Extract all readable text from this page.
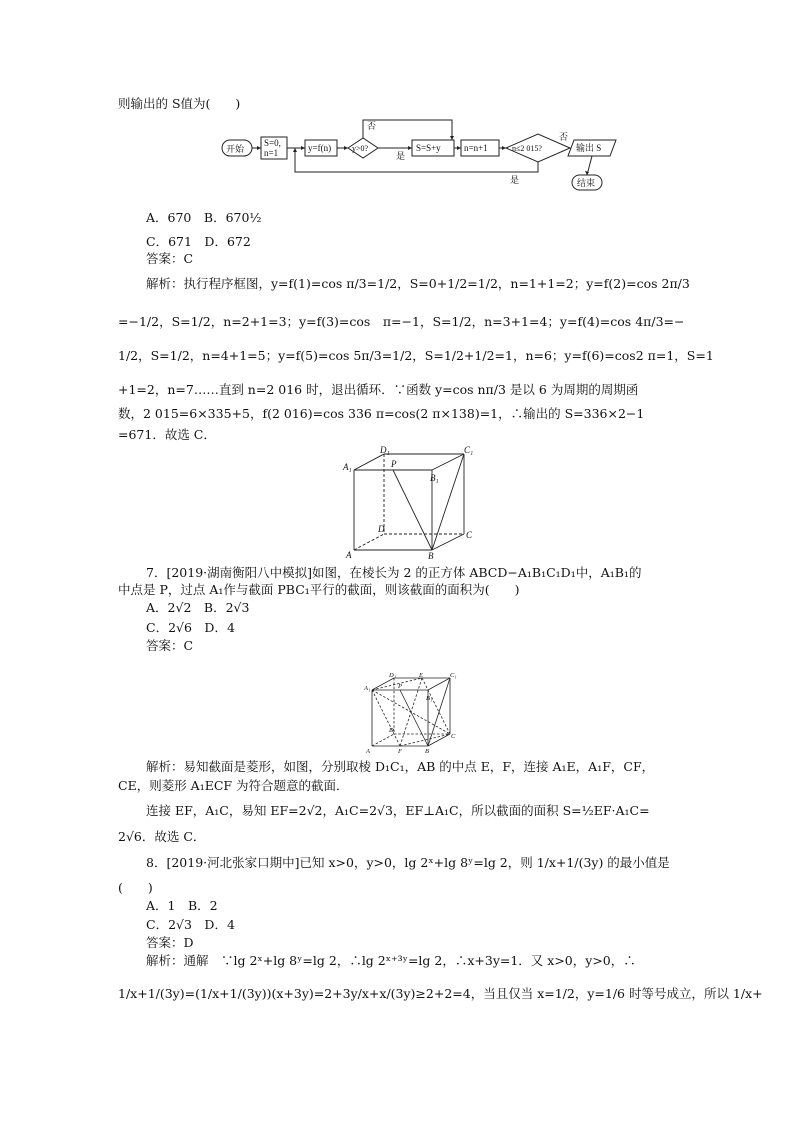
则输出的 S值为(　　)
开始
S=0,
n=1	y=f(n)	y>0?	S=S+y	n=n+1	n≤2 015?	输出 S
结束
否
是
否
是
A．670　B．670½
C．671　D．672
答案：C
解析：执行程序框图，y=f(1)=cos π/3=1/2，S=0+1/2=1/2，n=1+1=2；y=f(2)=cos 2π/3
=−1/2，S=1/2，n=2+1=3；y=f(3)=cos　π=−1，S=1/2，n=3+1=4；y=f(4)=cos 4π/3=−
1/2，S=1/2，n=4+1=5；y=f(5)=cos 5π/3=1/2，S=1/2+1/2=1，n=6；y=f(6)=cos2 π=1，S=1
+1=2，n=7……直到 n=2 016 时，退出循环．∵函数 y=cos nπ/3 是以 6 为周期的周期函
数，2 015=6×335+5，f(2 016)=cos 336 π=cos(2 π×138)=1，∴输出的 S=336×2−1
=671．故选 C．
A₁
D₁
P
C₁
B₁
D
A	B
C
7．[2019·湖南衡阳八中模拟]如图，在棱长为 2 的正方体 ABCD−A₁B₁C₁D₁中，A₁B₁的
中点是 P，过点 A₁作与截面 PBC₁平行的截面，则该截面的面积为(　　)
A．2√2　B．2√3
C．2√6　D．4
答案：C
D₁	E	C₁
A₁	P
B₁
D
C
A	F	B
解析：易知截面是菱形，如图，分别取棱 D₁C₁，AB 的中点 E，F，连接 A₁E，A₁F，CF，
CE，则菱形 A₁ECF 为符合题意的截面．
连接 EF，A₁C，易知 EF=2√2，A₁C=2√3，EF⊥A₁C，所以截面的面积 S=½EF·A₁C=
2√6．故选 C．
8．[2019·河北张家口期中]已知 x>0，y>0，lg 2ˣ+lg 8ʸ=lg 2，则 1/x+1/(3y) 的最小值是
(　　)
A．1　B．2
C．2√3　D．4
答案：D
解析：通解　∵lg 2ˣ+lg 8ʸ=lg 2，∴lg 2ˣ⁺³ʸ=lg 2，∴x+3y=1．又 x>0，y>0，∴
1/x+1/(3y)=(1/x+1/(3y))(x+3y)=2+3y/x+x/(3y)≥2+2=4，当且仅当 x=1/2，y=1/6 时等号成立，所以 1/x+
